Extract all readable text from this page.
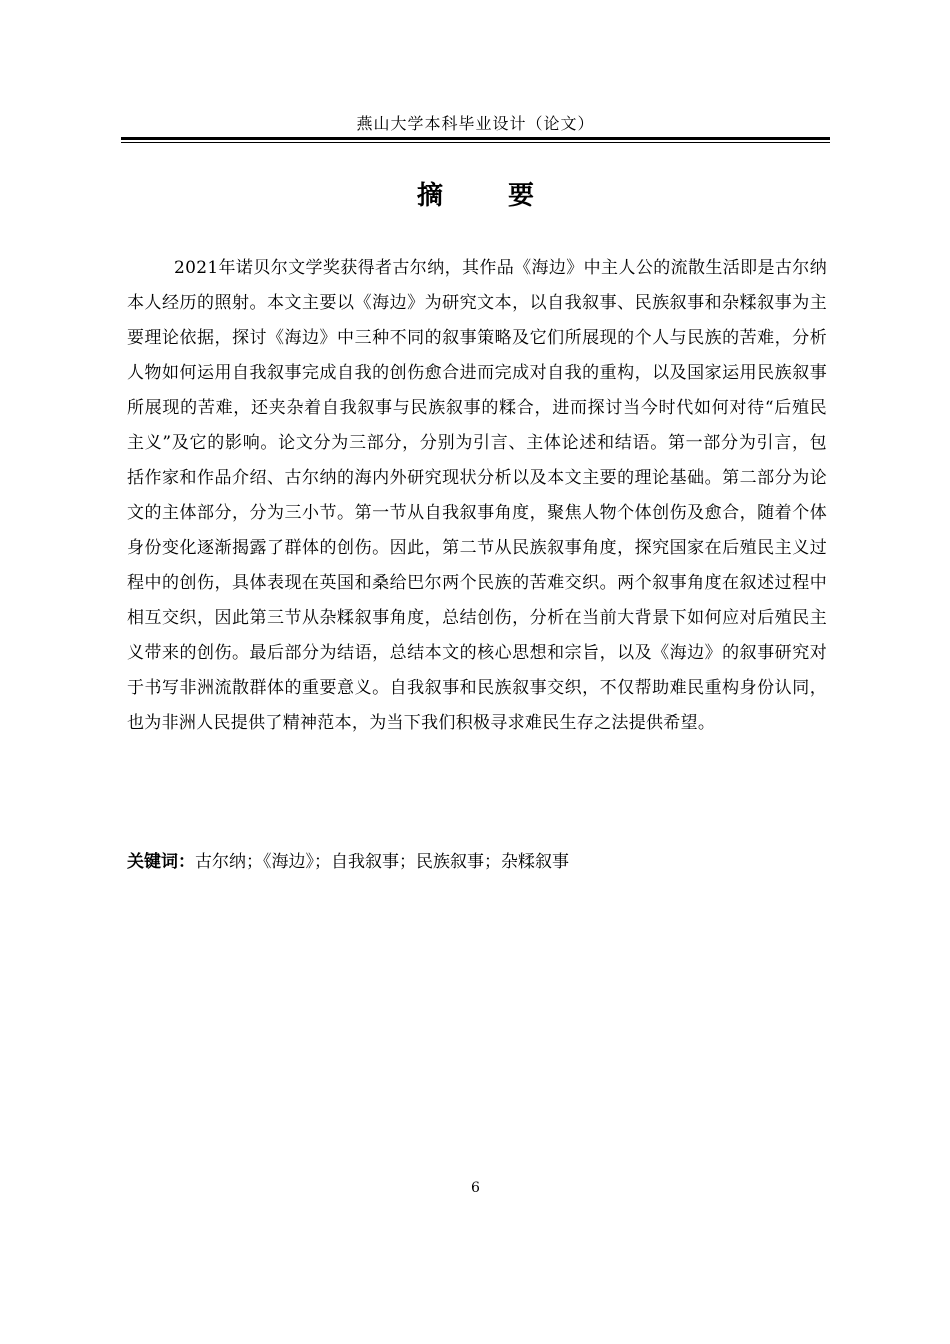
燕山大学本科毕业设计（论文）
摘 要

2021年诺贝尔文学奖获得者古尔纳，其作品《海边》中主人公的流散生活即是古尔纳本人经历的照射。本文主要以《海边》为研究文本，以自我叙事、民族叙事和杂糅叙事为主要理论依据，探讨《海边》中三种不同的叙事策略及它们所展现的个人与民族的苦难，分析人物如何运用自我叙事完成自我的创伤愈合进而完成对自我的重构，以及国家运用民族叙事所展现的苦难，还夹杂着自我叙事与民族叙事的糅合，进而探讨当今时代如何对待“后殖民主义”及它的影响。论文分为三部分，分别为引言、主体论述和结语。第一部分为引言，包括作家和作品介绍、古尔纳的海内外研究现状分析以及本文主要的理论基础。第二部分为论文的主体部分，分为三小节。第一节从自我叙事角度，聚焦人物个体创伤及愈合，随着个体身份变化逐渐揭露了群体的创伤。因此，第二节从民族叙事角度，探究国家在后殖民主义过程中的创伤，具体表现在英国和桑给巴尔两个民族的苦难交织。两个叙事角度在叙述过程中相互交织，因此第三节从杂糅叙事角度，总结创伤，分析在当前大背景下如何应对后殖民主义带来的创伤。最后部分为结语，总结本文的核心思想和宗旨，以及《海边》的叙事研究对于书写非洲流散群体的重要意义。自我叙事和民族叙事交织，不仅帮助难民重构身份认同，也为非洲人民提供了精神范本，为当下我们积极寻求难民生存之法提供希望。

关键词：古尔纳；《海边》；自我叙事；民族叙事；杂糅叙事
6
